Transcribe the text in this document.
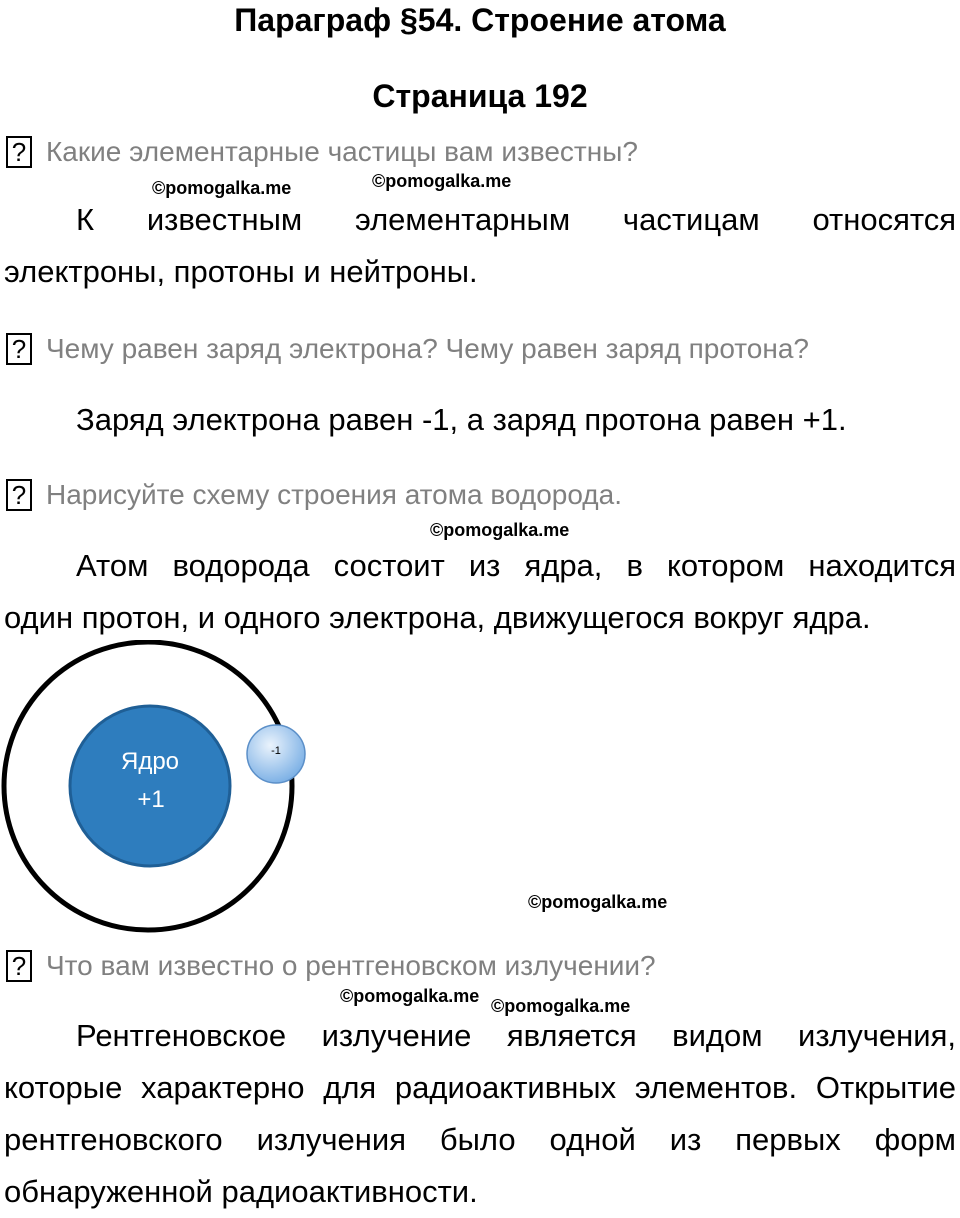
Параграф §54. Строение атома
Страница 192
? Какие элементарные частицы вам известны?
©pomogalka.me	©pomogalka.me
К известным элементарным частицам относятся
электроны, протоны и нейтроны.
? Чему равен заряд электрона? Чему равен заряд протона?
Заряд электрона равен -1, а заряд протона равен +1.
? Нарисуйте схему строения атома водорода.
©pomogalka.me
Атом водорода состоит из ядра, в котором находится
один протон, и одного электрона, движущегося вокруг ядра.
Ядро
+1
-1
©pomogalka.me
? Что вам известно о рентгеновском излучении?
©pomogalka.me ©pomogalka.me
Рентгеновское излучение является видом излучения, которые характерно для радиоактивных элементов. Открытие рентгеновского излучения было одной из первых форм обнаруженной радиоактивности.
